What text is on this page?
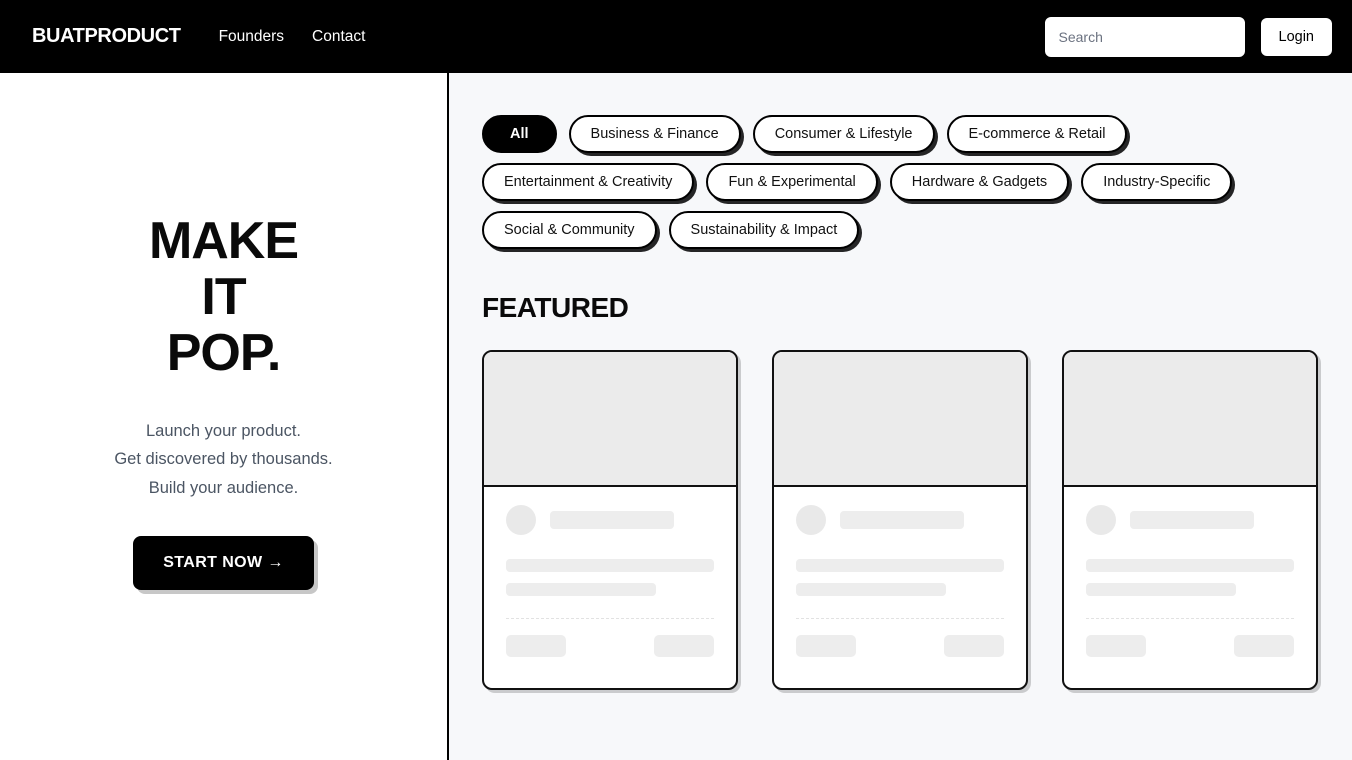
BUATPRODUCT Founders Contact
Search	Login
MAKE
IT
POP.
Launch your product.
Get discovered by thousands.
Build your audience.
START NOW →
All	Business & Finance	Consumer & Lifestyle	E-commerce & Retail
Entertainment & Creativity	Fun & Experimental	Hardware & Gadgets	Industry-Specific
Social & Community	Sustainability & Impact
FEATURED
